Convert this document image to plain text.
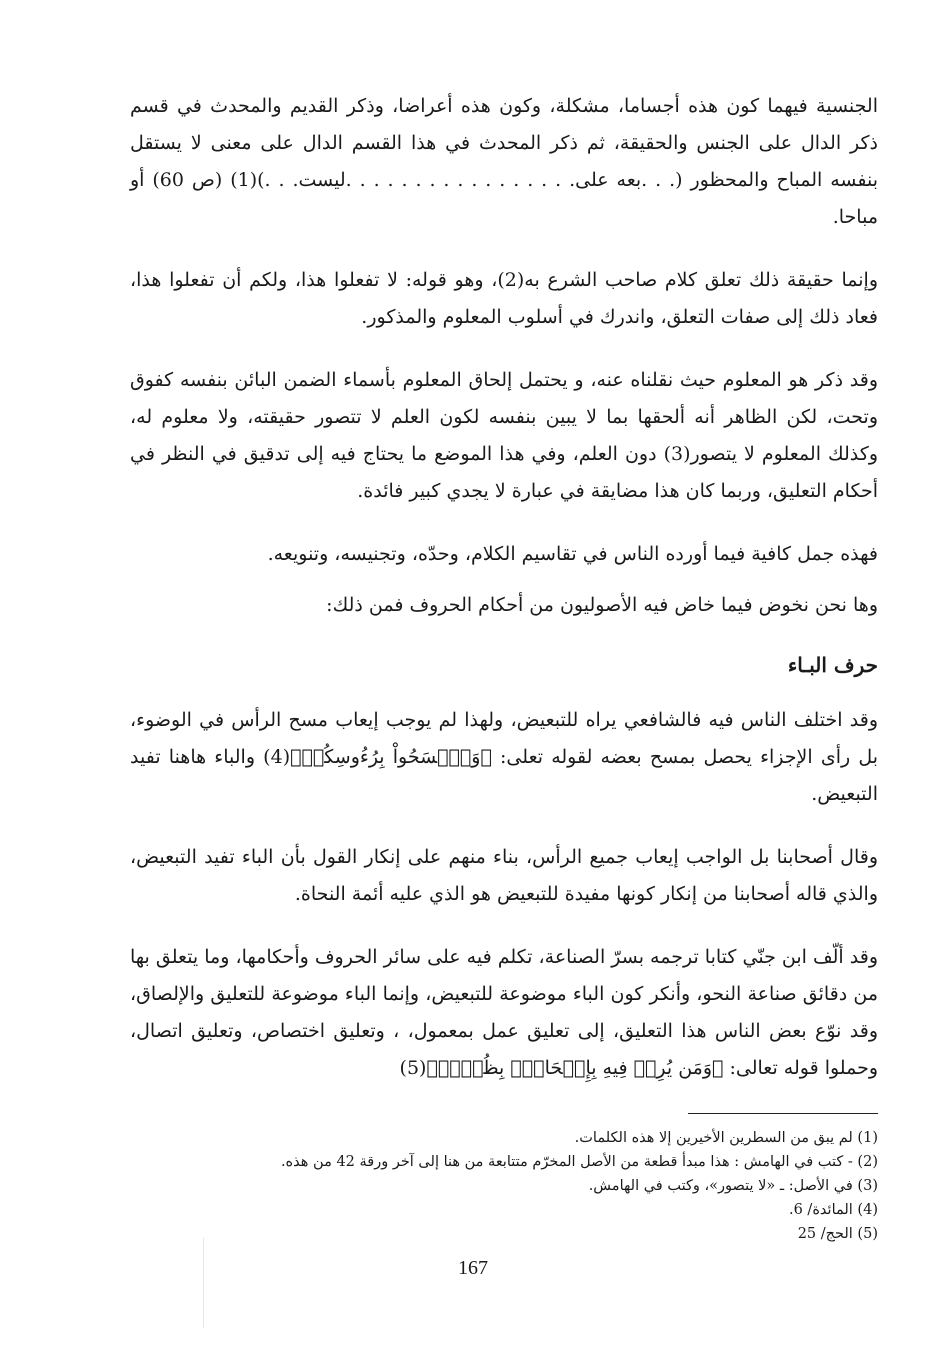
الجنسية فيهما كون هذه أجساما، مشكلة، وكون هذه أعراضا، وذكر القديم والمحدث في قسم ذكر الدال على الجنس والحقيقة، ثم ذكر المحدث في هذا القسم الدال على معنى لا يستقل بنفسه المباح والمحظور (. . .بعه على. . . . . . . . . . . . . . . . .ليست. . .)(1) (ص 60) أو مباحا.

وإنما حقيقة ذلك تعلق كلام صاحب الشرع به(2)، وهو قوله: لا تفعلوا هذا، ولكم أن تفعلوا هذا، فعاد ذلك إلى صفات التعلق، واندرك في أسلوب المعلوم والمذكور.

وقد ذكر هو المعلوم حيث نقلناه عنه، و يحتمل إلحاق المعلوم بأسماء الضمن البائن بنفسه كفوق وتحت، لكن الظاهر أنه ألحقها بما لا يبين بنفسه لكون العلم لا تتصور حقيقته، ولا معلوم له، وكذلك المعلوم لا يتصور(3) دون العلم، وفي هذا الموضع ما يحتاج فيه إلى تدقيق في النظر في أحكام التعليق، وربما كان هذا مضايقة في عبارة لا يجدي كبير فائدة.

فهذه جمل كافية فيما أورده الناس في تقاسيم الكلام، وحدّه، وتجنيسه، وتنويعه.

وها نحن نخوض فيما خاض فيه الأصوليون من أحكام الحروف فمن ذلك:

حرف البـاء

وقد اختلف الناس فيه فالشافعي يراه للتبعيض، ولهذا لم يوجب إيعاب مسح الرأس في الوضوء، بل رأى الإجزاء يحصل بمسح بعضه لقوله تعلى: ﴿وَٱمۡسَحُواْ بِرُءُوسِكُمۡ﴾(4) والباء هاهنا تفيد التبعيض.

وقال أصحابنا بل الواجب إيعاب جميع الرأس، بناء منهم على إنكار القول بأن الباء تفيد التبعيض، والذي قاله أصحابنا من إنكار كونها مفيدة للتبعيض هو الذي عليه أئمة النحاة.

وقد ألّف ابن جنّي كتابا ترجمه بسرّ الصناعة، تكلم فيه على سائر الحروف وأحكامها، وما يتعلق بها من دقائق صناعة النحو، وأنكر كون الباء موضوعة للتبعيض، وإنما الباء موضوعة للتعليق والإلصاق، وقد نوّع بعض الناس هذا التعليق، إلى تعليق عمل بمعمول، ، وتعليق اختصاص، وتعليق اتصال، وحملوا قوله تعالى: ﴿وَمَن يُرِدۡ فِيهِ بِإِلۡحَادِۢ بِظُلۡمٖ﴾(5)

(1) لم يبق من السطرين الأخيرين إلا هذه الكلمات.
(2) - كتب في الهامش : هذا مبدأ قطعة من الأصل المخرّم متتابعة من هنا إلى آخر ورقة 42 من هذه.
(3) في الأصل: ـ «لا يتصور»، وكتب في الهامش.
(4) المائدة/ 6.
(5) الحج/ 25
167
